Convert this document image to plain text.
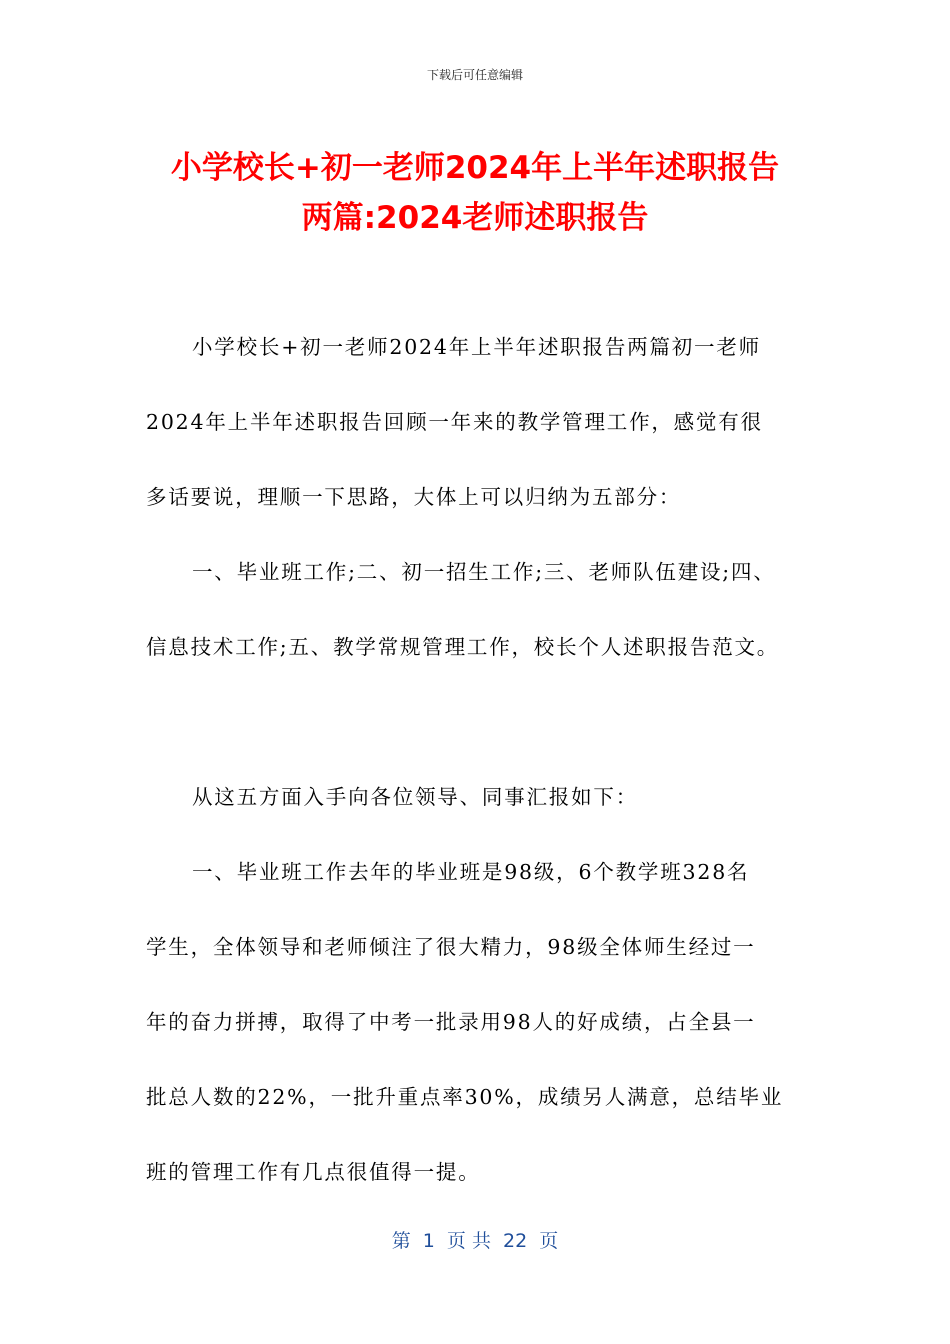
下载后可任意编辑
小学校长+初一老师2024年上半年述职报告
两篇:2024老师述职报告
小学校长+初一老师2024年上半年述职报告两篇初一老师
2024年上半年述职报告回顾一年来的教学管理工作，感觉有很
多话要说，理顺一下思路，大体上可以归纳为五部分：
一、毕业班工作;二、初一招生工作;三、老师队伍建设;四、
信息技术工作;五、教学常规管理工作，校长个人述职报告范文。
从这五方面入手向各位领导、同事汇报如下：
一、毕业班工作去年的毕业班是98级，6个教学班328名
学生，全体领导和老师倾注了很大精力，98级全体师生经过一
年的奋力拼搏，取得了中考一批录用98人的好成绩，占全县一
批总人数的22%，一批升重点率30%，成绩另人满意，总结毕业
班的管理工作有几点很值得一提。
第  1  页 共  22  页
